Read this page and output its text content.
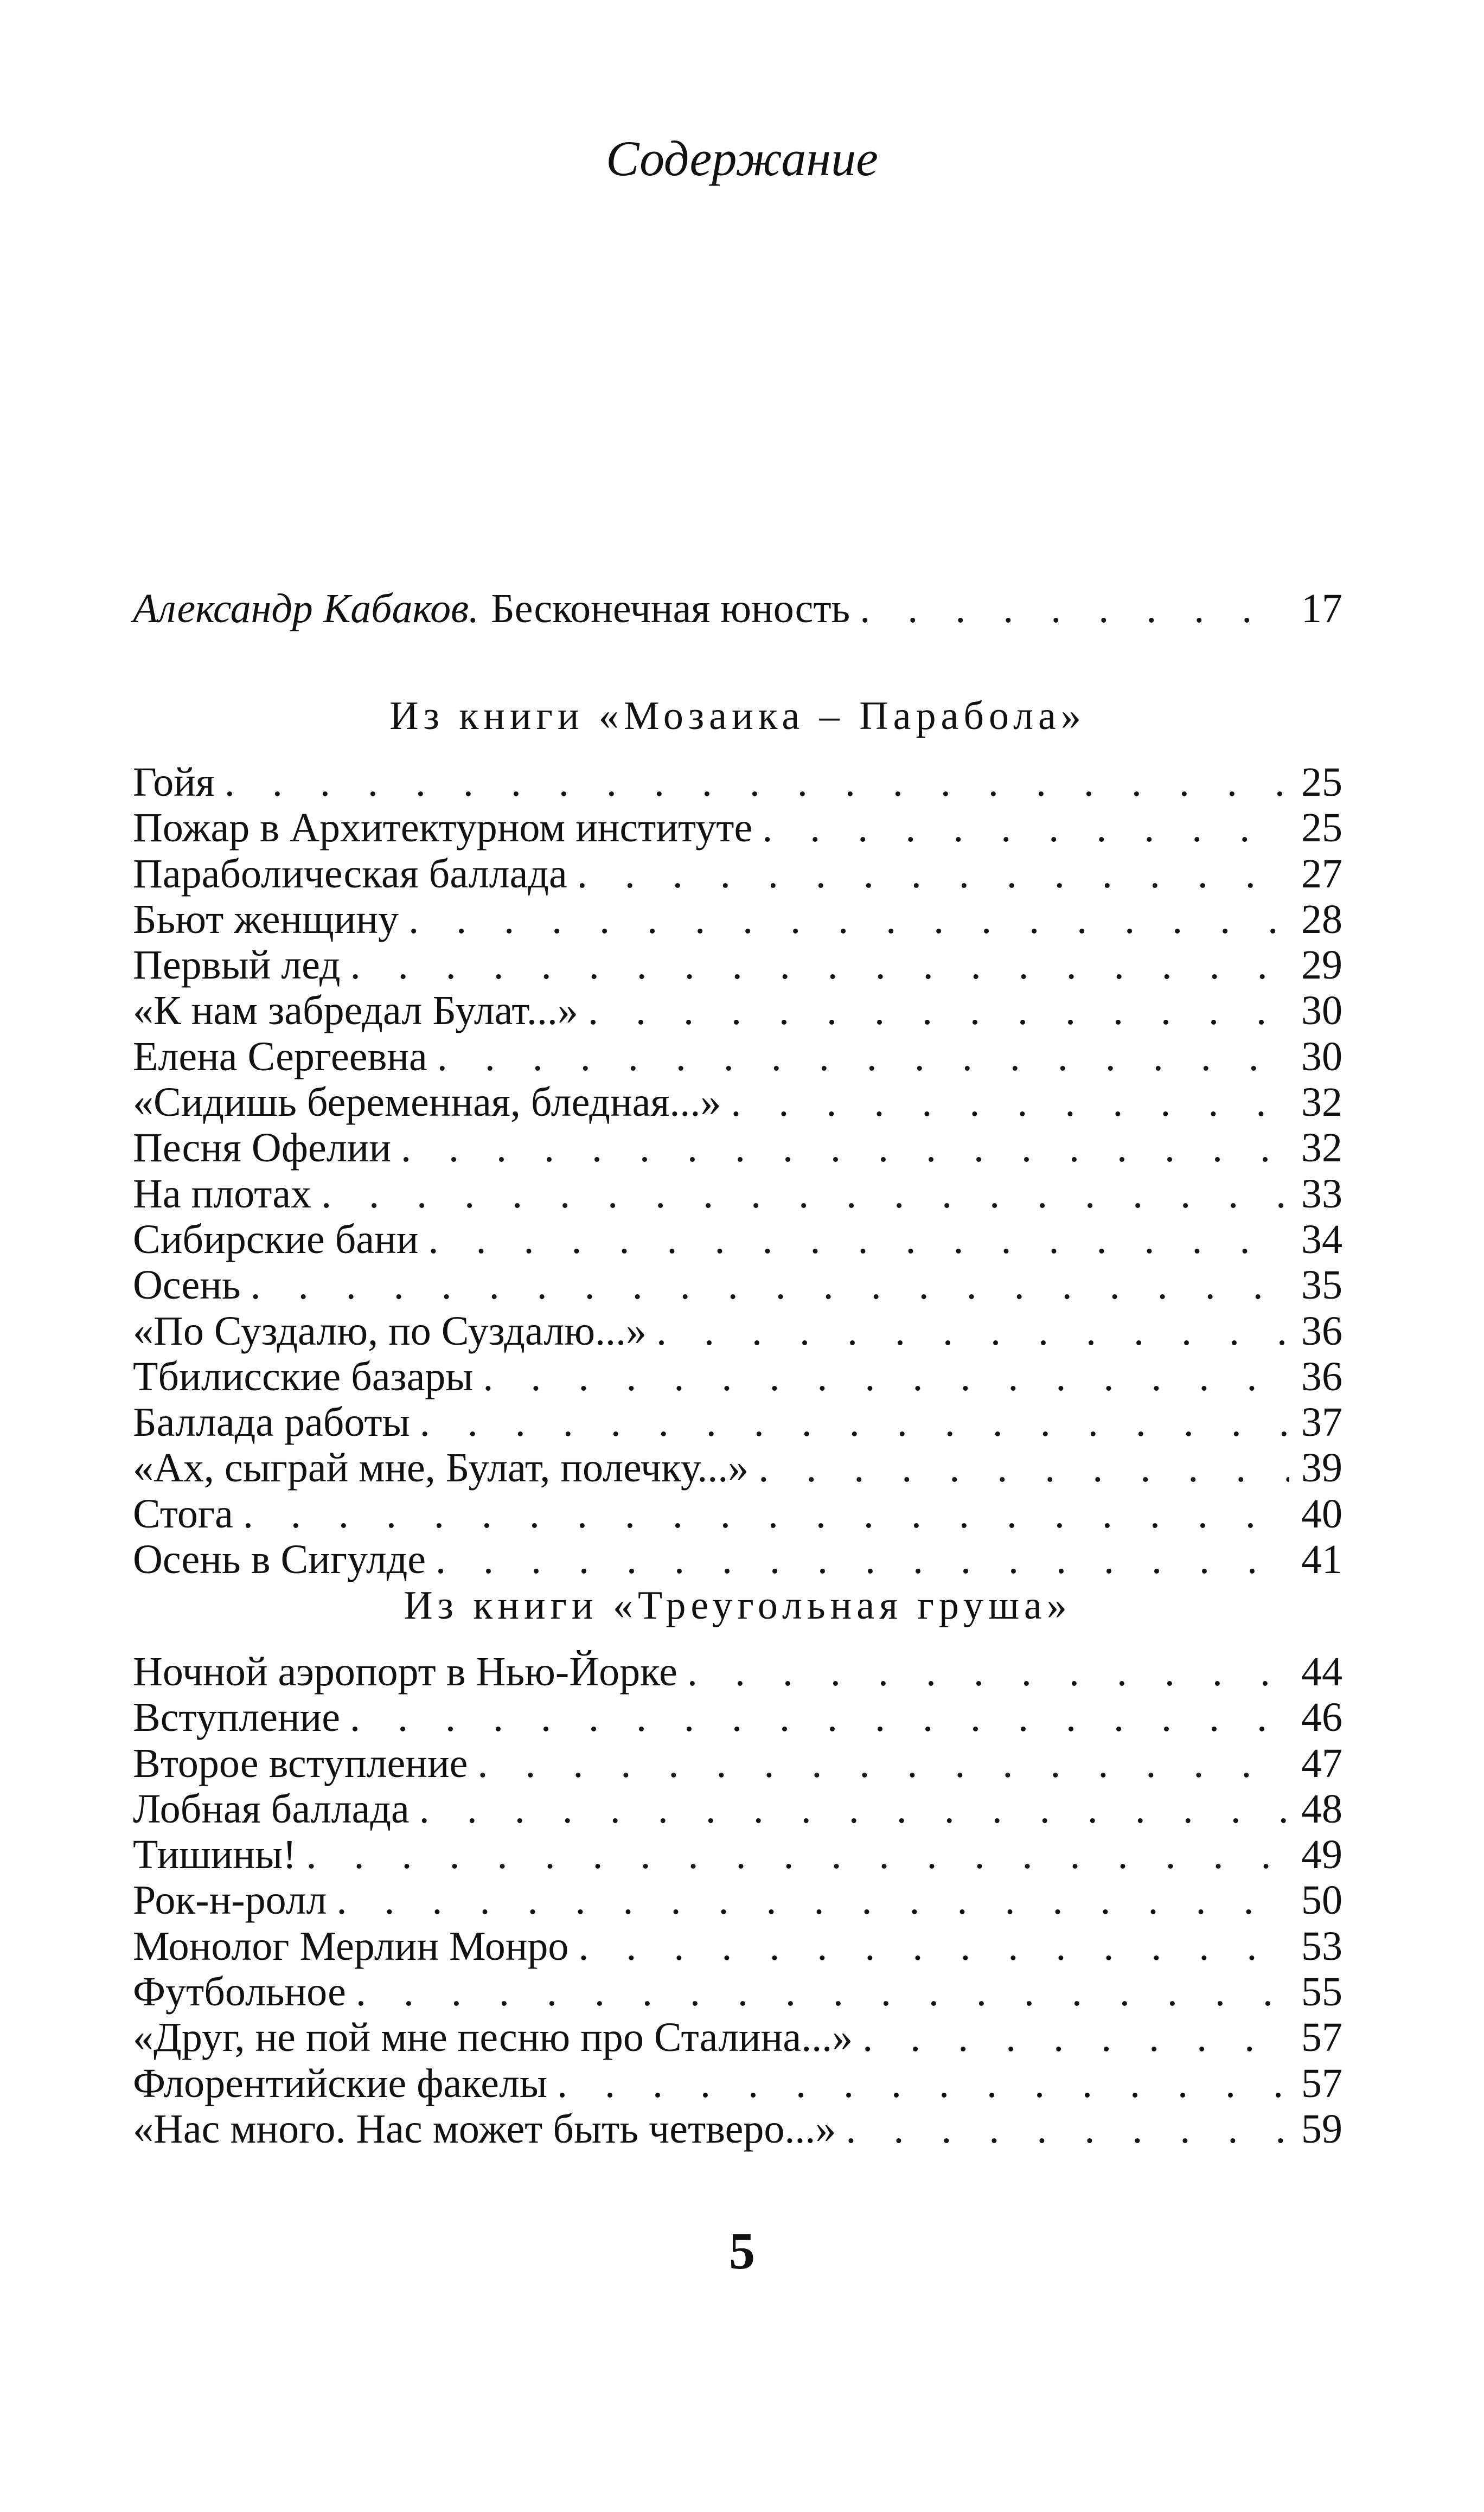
Содержание
Александр Кабаков. Бесконечная юность . . .	17
Из книги «Мозаика – Парабола»
Гойя . . .	25
Пожар в Архитектурном институте . . .	25
Параболическая баллада . . .	27
Бьют женщину . . .	28
Первый лед . . .	29
«К нам забредал Булат...» . . .	30
Елена Сергеевна . . .	30
«Сидишь беременная, бледная...» . . .	32
Песня Офелии . . .	32
На плотах . . .	33
Сибирские бани . . .	34
Осень . . .	35
«По Суздалю, по Суздалю...» . . .	36
Тбилисские базары . . .	36
Баллада работы . . .	37
«Ах, сыграй мне, Булат, полечку...» . . .	39
Стога . . .	40
Осень в Сигулде . . .	41
Из книги «Треугольная груша»
Ночной аэропорт в Нью-Йорке . . .	44
Вступление . . .	46
Второе вступление . . .	47
Лобная баллада . . .	48
Тишины! . . .	49
Рок-н-ролл . . .	50
Монолог Мерлин Монро . . .	53
Футбольное . . .	55
«Друг, не пой мне песню про Сталина...» . . .	57
Флорентийские факелы . . .	57
«Нас много. Нас может быть четверо...» . . .	59
5
